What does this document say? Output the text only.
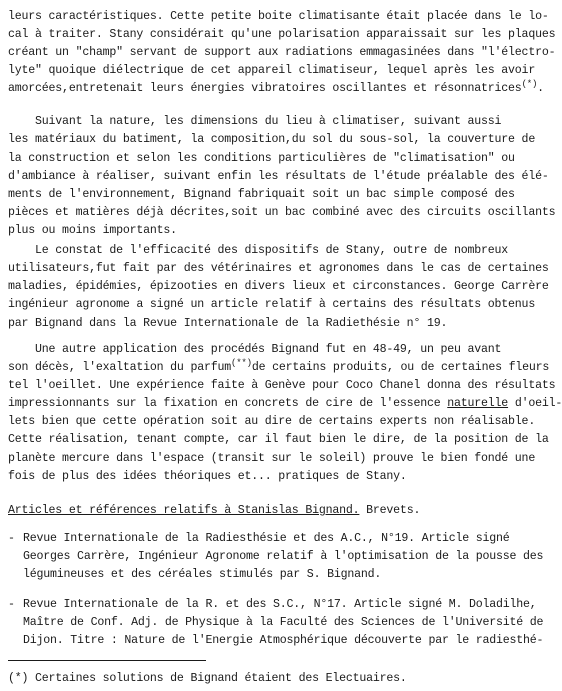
leurs caractéristiques. Cette petite boite climatisante était placée dans le lo-
cal à traiter. Stany considérait qu'une polarisation apparaissait sur les plaques
créant un "champ" servant de support aux radiations emmagasinées dans "l'électro-
lyte" quoique diélectrique de cet appareil climatiseur, lequel après les avoir
amorcées,entretenait leurs énergies vibratoires oscillantes et résonnatrices(*).
Suivant la nature, les dimensions du lieu à climatiser, suivant aussi
les matériaux du batiment, la composition,du sol du sous-sol, la couverture de
la construction et selon les conditions particulières de "climatisation" ou
d'ambiance à réaliser, suivant enfin les résultats de l'étude préalable des élé-
ments de l'environnement, Bignand fabriquait soit un bac simple composé des
pièces et matières déjà décrites,soit un bac combiné avec des circuits oscillants
plus ou moins importants.
Le constat de l'efficacité des dispositifs de Stany, outre de nombreux
utilisateurs,fut fait par des vétérinaires et agronomes dans le cas de certaines
maladies, épidémies, épizooties en divers lieux et circonstances. George Carrère
ingénieur agronome a signé un article relatif à certains des résultats obtenus
par Bignand dans la Revue Internationale de la Radiethésie n° 19.
Une autre application des procédés Bignand fut en 48-49, un peu avant
son décès, l'exaltation du parfum(**)de certains produits, ou de certaines fleurs
tel l'oeillet. Une expérience faite à Genève pour Coco Chanel donna des résultats
impressionnants sur la fixation en concrets de cire de l'essence naturelle d'oeil-
lets bien que cette opération soit au dire de certains experts non réalisable.
Cette réalisation, tenant compte, car il faut bien le dire, de la position de la
planète mercure dans l'espace (transit sur le soleil) prouve le bien fondé une
fois de plus des idées théoriques et... pratiques de Stany.
Articles et références relatifs à Stanislas Bignand. Brevets.
- Revue Internationale de la Radiesthésie et des A.C., N°19. Article signé
Georges Carrère, Ingénieur Agronome relatif à l'optimisation de la pousse des
légumineuses et des céréales stimulés par S. Bignand.
- Revue Internationale de la R. et des S.C., N°17. Article signé M. Doladilhe,
Maître de Conf. Adj. de Physique à la Faculté des Sciences de l'Université de
Dijon. Titre : Nature de l'Energie Atmosphérique découverte par le radiesthé-
(*) Certaines solutions de Bignand étaient des Electuaires.
